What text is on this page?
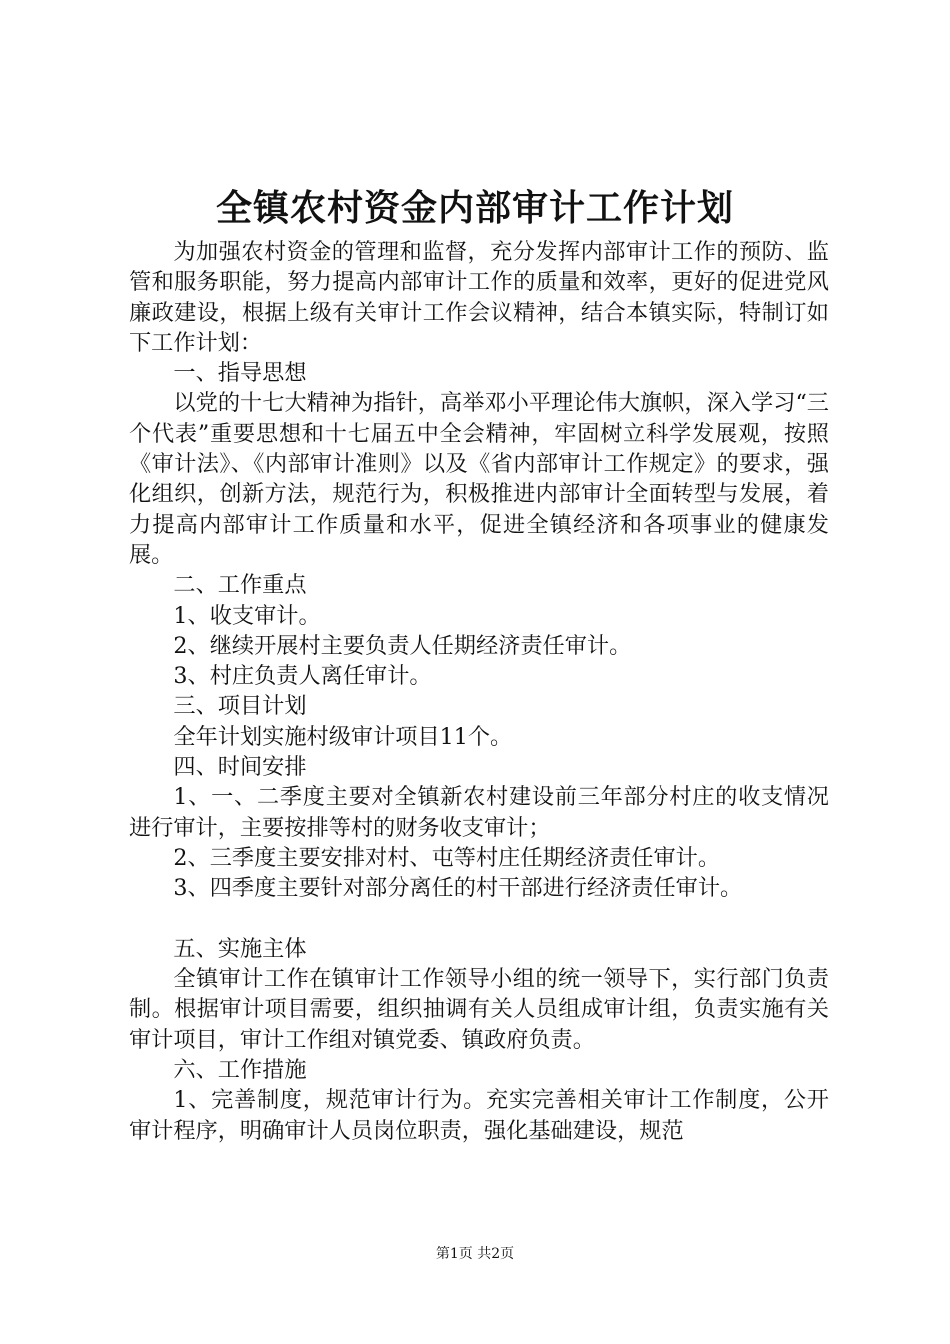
全镇农村资金内部审计工作计划

为加强农村资金的管理和监督，充分发挥内部审计工作的预防、监管和服务职能，努力提高内部审计工作的质量和效率，更好的促进党风廉政建设，根据上级有关审计工作会议精神，结合本镇实际，特制订如下工作计划：

一、指导思想

以党的十七大精神为指针，高举邓小平理论伟大旗帜，深入学习“三个代表”重要思想和十七届五中全会精神，牢固树立科学发展观，按照《审计法》、《内部审计准则》以及《省内部审计工作规定》的要求，强化组织，创新方法，规范行为，积极推进内部审计全面转型与发展，着力提高内部审计工作质量和水平，促进全镇经济和各项事业的健康发展。

二、工作重点

1、收支审计。

2、继续开展村主要负责人任期经济责任审计。

3、村庄负责人离任审计。

三、项目计划

全年计划实施村级审计项目11个。

四、时间安排

1、一、二季度主要对全镇新农村建设前三年部分村庄的收支情况进行审计，主要按排等村的财务收支审计；

2、三季度主要安排对村、屯等村庄任期经济责任审计。

3、四季度主要针对部分离任的村干部进行经济责任审计。

五、实施主体

全镇审计工作在镇审计工作领导小组的统一领导下，实行部门负责制。根据审计项目需要，组织抽调有关人员组成审计组，负责实施有关审计项目，审计工作组对镇党委、镇政府负责。

六、工作措施

1、完善制度，规范审计行为。充实完善相关审计工作制度，公开审计程序，明确审计人员岗位职责，强化基础建设，规范

第1页 共2页
